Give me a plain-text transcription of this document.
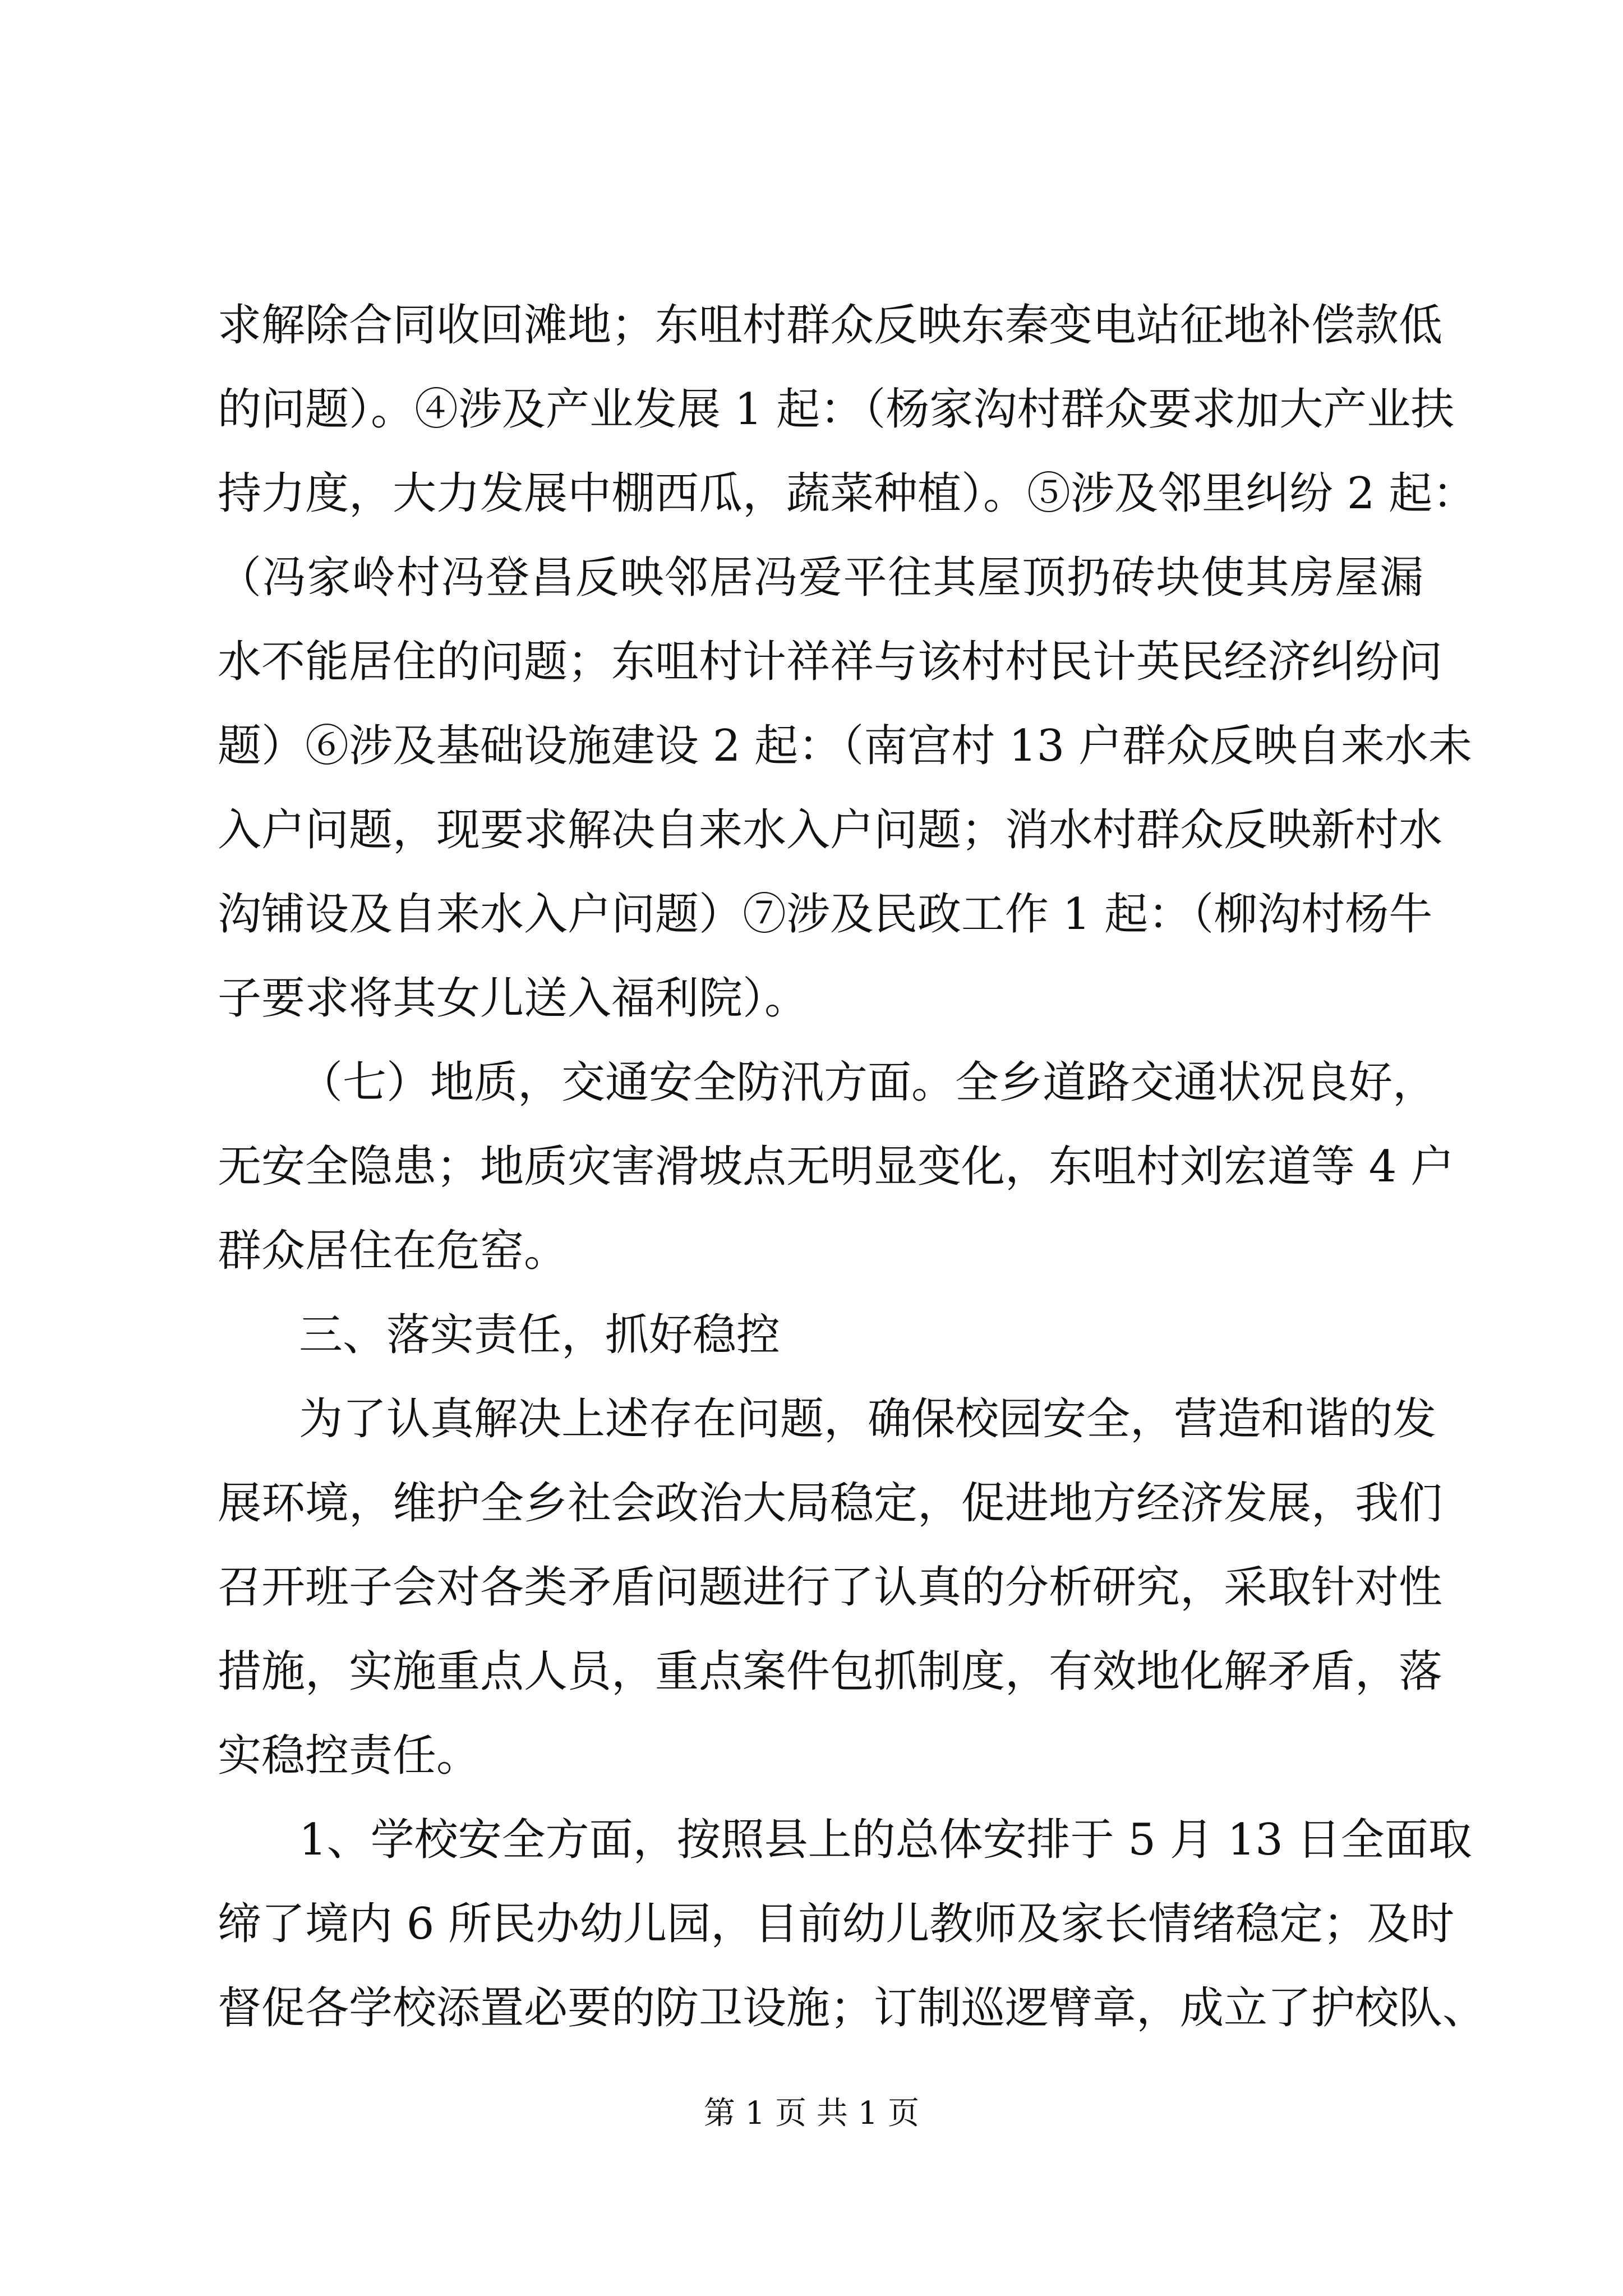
求解除合同收回滩地；东咀村群众反映东秦变电站征地补偿款低
的问题）。④涉及产业发展 1 起：（杨家沟村群众要求加大产业扶
持力度，大力发展中棚西瓜，蔬菜种植）。⑤涉及邻里纠纷 2 起：
（冯家岭村冯登昌反映邻居冯爱平往其屋顶扔砖块使其房屋漏
水不能居住的问题；东咀村计祥祥与该村村民计英民经济纠纷问
题）⑥涉及基础设施建设 2 起：（南宫村 13 户群众反映自来水未
入户问题，现要求解决自来水入户问题；消水村群众反映新村水
沟铺设及自来水入户问题）⑦涉及民政工作 1 起：（柳沟村杨牛
子要求将其女儿送入福利院）。
（七）地质，交通安全防汛方面。全乡道路交通状况良好，
无安全隐患；地质灾害滑坡点无明显变化，东咀村刘宏道等 4 户
群众居住在危窑。
三、落实责任，抓好稳控
为了认真解决上述存在问题，确保校园安全，营造和谐的发
展环境，维护全乡社会政治大局稳定，促进地方经济发展，我们
召开班子会对各类矛盾问题进行了认真的分析研究，采取针对性
措施，实施重点人员，重点案件包抓制度，有效地化解矛盾，落
实稳控责任。
1、学校安全方面，按照县上的总体安排于 5 月 13 日全面取
缔了境内 6 所民办幼儿园，目前幼儿教师及家长情绪稳定；及时
督促各学校添置必要的防卫设施；订制巡逻臂章，成立了护校队、
第 1 页 共 1 页
